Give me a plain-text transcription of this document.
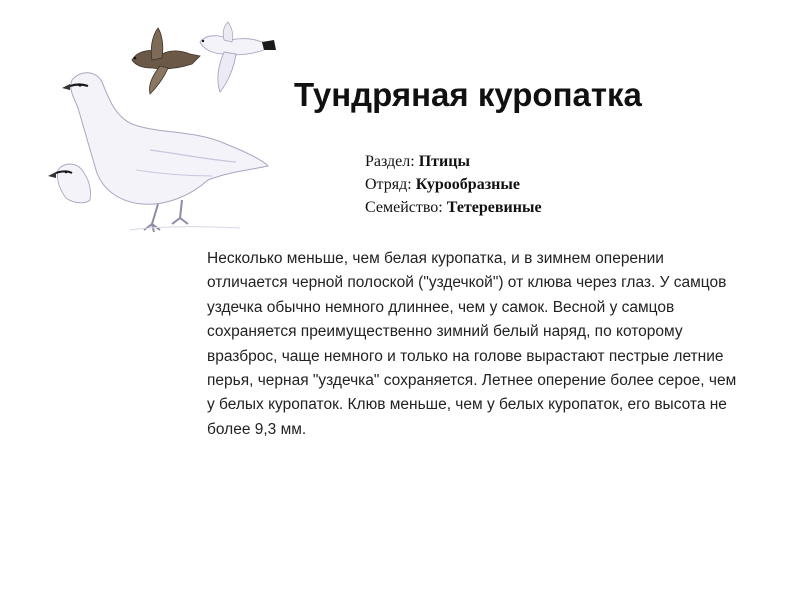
Тундряная куропатка
Раздел: Птицы
Отряд: Курообразные
Семейство: Тетеревиные

Несколько меньше, чем белая куропатка, и в зимнем оперении отличается черной полоской ("уздечкой") от клюва через глаз. У самцов уздечка обычно немного длиннее, чем у самок. Весной у самцов сохраняется преимущественно зимний белый наряд, по которому вразброс, чаще немного и только на голове вырастают пестрые летние перья, черная "уздечка" сохраняется. Летнее оперение более серое, чем у белых куропаток. Клюв меньше, чем у белых куропаток, его высота не более 9,3 мм.
